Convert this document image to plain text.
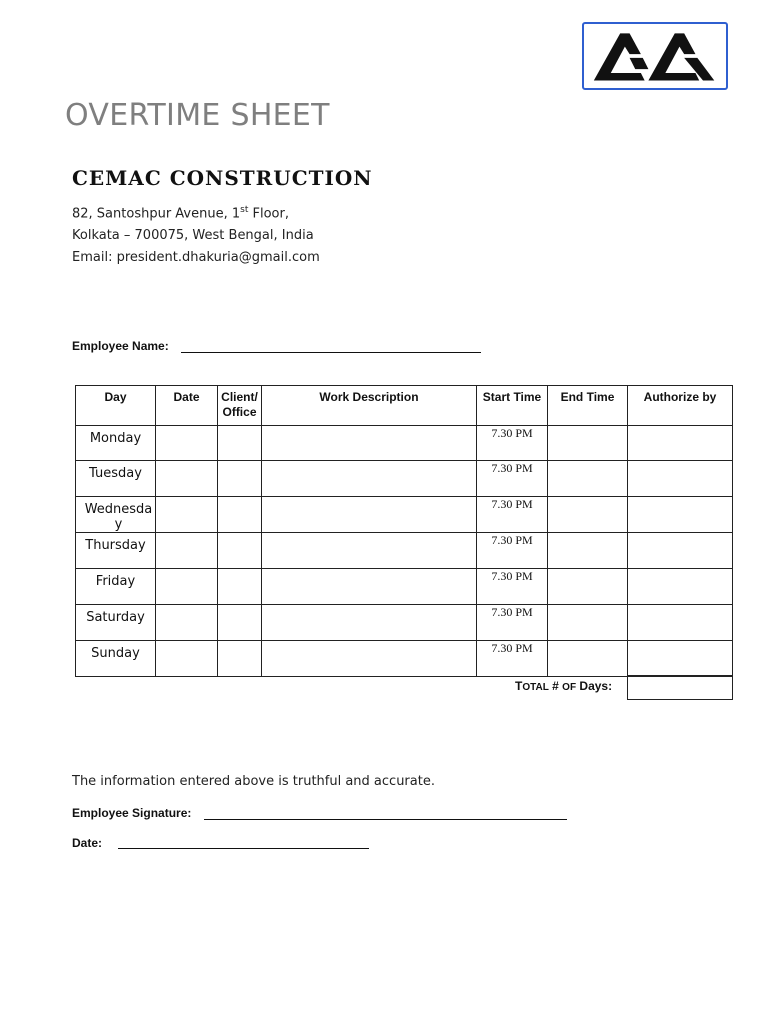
OVERTIME SHEET
CEMAC CONSTRUCTION
82, Santoshpur Avenue, 1st Floor,
Kolkata – 700075, West Bengal, India
Email: president.dhakuria@gmail.com
Employee Name:
Day	Date	Client/ Office	Work Description	Start Time	End Time	Authorize by
Monday				7.30 PM		
Tuesday				7.30 PM		
Wednesday				7.30 PM		
Thursday				7.30 PM		
Friday				7.30 PM		
Saturday				7.30 PM		
Sunday				7.30 PM		
TOTAL # OF Days:
The information entered above is truthful and accurate.
Employee Signature:
Date:
